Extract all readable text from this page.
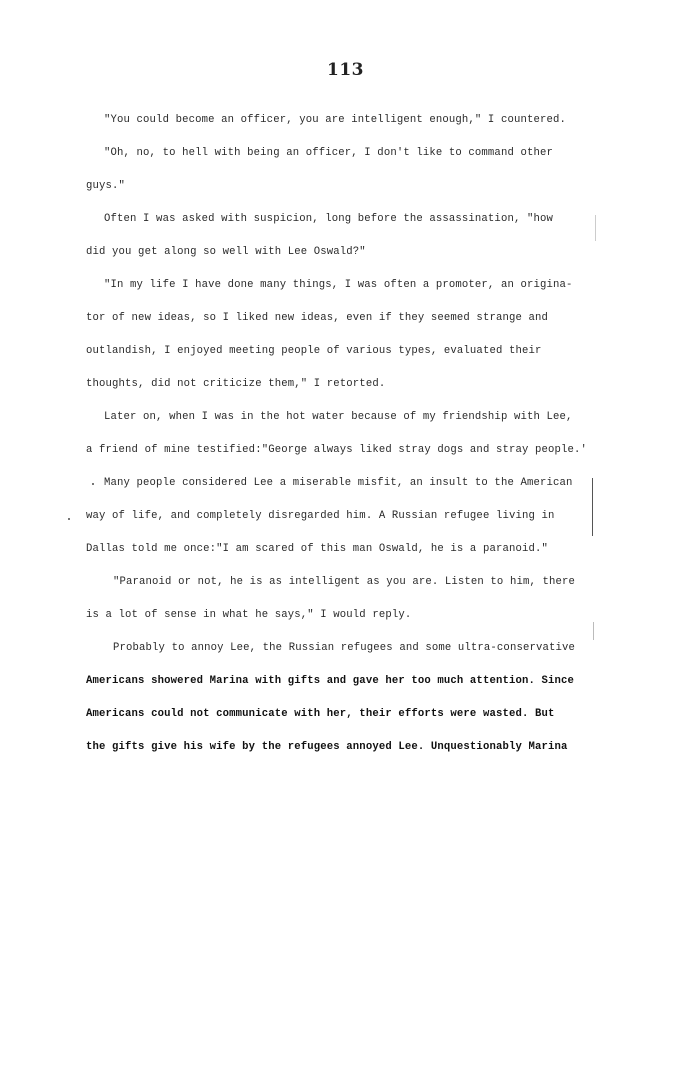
113
"You could become an officer, you are intelligent enough," I countered.
"Oh, no, to hell with being an officer, I don't like to command other
guys."
Often I was asked with suspicion, long before the assassination, "how
did you get along so well with Lee Oswald?"
"In my life I have done many things, I was often a promoter, an origina-
tor of new ideas, so I liked new ideas, even if they seemed strange and
outlandish, I enjoyed meeting people of various types, evaluated their
thoughts, did not criticize them," I retorted.
Later on, when I was in the hot water because of my friendship with Lee,
a friend of mine testified:"George always liked stray dogs and stray people.'
Many people considered Lee a miserable misfit, an insult to the American
way of life, and completely disregarded him. A Russian refugee living in
Dallas told me once:"I am scared of this man Oswald, he is a paranoid."
"Paranoid or not, he is as intelligent as you are. Listen to him, there
is a lot of sense in what he says," I would reply.
Probably to annoy Lee, the Russian refugees and some ultra-conservative
Americans showered Marina with gifts and gave her too much attention. Since
Americans could not communicate with her, their efforts were wasted. But
the gifts give his wife by the refugees annoyed Lee. Unquestionably Marina
